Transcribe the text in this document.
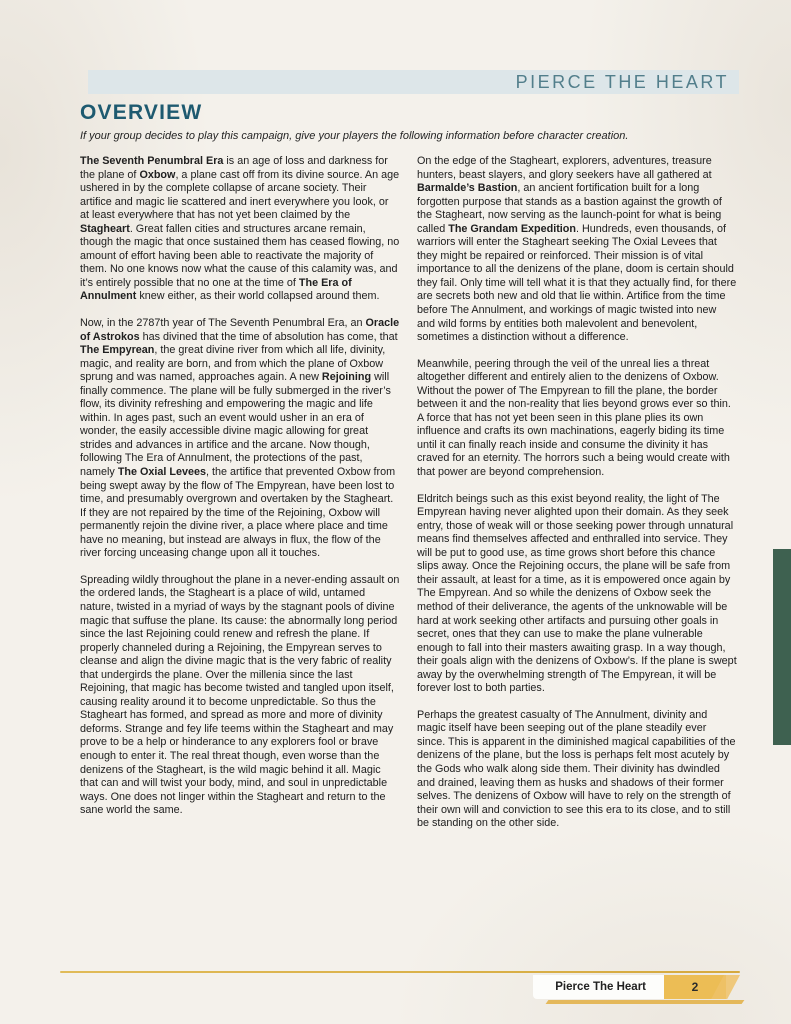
PIERCE THE HEART
OVERVIEW

If your group decides to play this campaign, give your players the following information before character creation.

The Seventh Penumbral Era is an age of loss and darkness for the plane of Oxbow, a plane cast off from its divine source. An age ushered in by the complete collapse of arcane society. Their artifice and magic lie scattered and inert everywhere you look, or at least everywhere that has not yet been claimed by the Stagheart. Great fallen cities and structures arcane remain, though the magic that once sustained them has ceased flowing, no amount of effort having been able to reactivate the majority of them. No one knows now what the cause of this calamity was, and it’s entirely possible that no one at the time of The Era of Annulment knew either, as their world collapsed around them.

Now, in the 2787th year of The Seventh Penumbral Era, an Oracle of Astrokos has divined that the time of absolution has come, that The Empyrean, the great divine river from which all life, divinity, magic, and reality are born, and from which the plane of Oxbow sprung and was named, approaches again. A new Rejoining will finally commence. The plane will be fully submerged in the river’s flow, its divinity refreshing and empowering the magic and life within. In ages past, such an event would usher in an era of wonder, the easily accessible divine magic allowing for great strides and advances in artifice and the arcane. Now though, following The Era of Annulment, the protections of the past, namely The Oxial Levees, the artifice that prevented Oxbow from being swept away by the flow of The Empyrean, have been lost to time, and presumably overgrown and overtaken by the Stagheart. If they are not repaired by the time of the Rejoining, Oxbow will permanently rejoin the divine river, a place where place and time have no meaning, but instead are always in flux, the flow of the river forcing unceasing change upon all it touches.

Spreading wildly throughout the plane in a never-ending assault on the ordered lands, the Stagheart is a place of wild, untamed nature, twisted in a myriad of ways by the stagnant pools of divine magic that suffuse the plane. Its cause: the abnormally long period since the last Rejoining could renew and refresh the plane. If properly channeled during a Rejoining, the Empyrean serves to cleanse and align the divine magic that is the very fabric of reality that undergirds the plane. Over the millenia since the last Rejoining, that magic has become twisted and tangled upon itself, causing reality around it to become unpredictable. So thus the Stagheart has formed, and spread as more and more of divinity deforms. Strange and fey life teems within the Stagheart and may prove to be a help or hinderance to any explorers fool or brave enough to enter it. The real threat though, even worse than the denizens of the Stagheart, is the wild magic behind it all. Magic that can and will twist your body, mind, and soul in unpredictable ways. One does not linger within the Stagheart and return to the sane world the same.

On the edge of the Stagheart, explorers, adventures, treasure hunters, beast slayers, and glory seekers have all gathered at Barmalde’s Bastion, an ancient fortification built for a long forgotten purpose that stands as a bastion against the growth of the Stagheart, now serving as the launch-point for what is being called The Grandam Expedition. Hundreds, even thousands, of warriors will enter the Stagheart seeking The Oxial Levees that they might be repaired or reinforced. Their mission is of vital importance to all the denizens of the plane, doom is certain should they fail. Only time will tell what it is that they actually find, for there are secrets both new and old that lie within. Artifice from the time before The Annulment, and workings of magic twisted into new and wild forms by entities both malevolent and benevolent, sometimes a distinction without a difference.

Meanwhile, peering through the veil of the unreal lies a threat altogether different and entirely alien to the denizens of Oxbow. Without the power of The Empyrean to fill the plane, the border between it and the non-reality that lies beyond grows ever so thin. A force that has not yet been seen in this plane plies its own influence and crafts its own machinations, eagerly biding its time until it can finally reach inside and consume the divinity it has craved for an eternity. The horrors such a being would create with that power are beyond comprehension.

Eldritch beings such as this exist beyond reality, the light of The Empyrean having never alighted upon their domain. As they seek entry, those of weak will or those seeking power through unnatural means find themselves affected and enthralled into service. They will be put to good use, as time grows short before this chance slips away. Once the Rejoining occurs, the plane will be safe from their assault, at least for a time, as it is empowered once again by The Empyrean. And so while the denizens of Oxbow seek the method of their deliverance, the agents of the unknowable will be hard at work seeking other artifacts and pursuing other goals in secret, ones that they can use to make the plane vulnerable enough to fall into their masters awaiting grasp. In a way though, their goals align with the denizens of Oxbow’s. If the plane is swept away by the overwhelming strength of The Empyrean, it will be forever lost to both parties.

Perhaps the greatest casualty of The Annulment, divinity and magic itself have been seeping out of the plane steadily ever since. This is apparent in the diminished magical capabilities of the denizens of the plane, but the loss is perhaps felt most acutely by the Gods who walk along side them. Their divinity has dwindled and drained, leaving them as husks and shadows of their former selves. The denizens of Oxbow will have to rely on the strength of their own will and conviction to see this era to its close, and to still be standing on the other side.

Pierce The Heart	2
